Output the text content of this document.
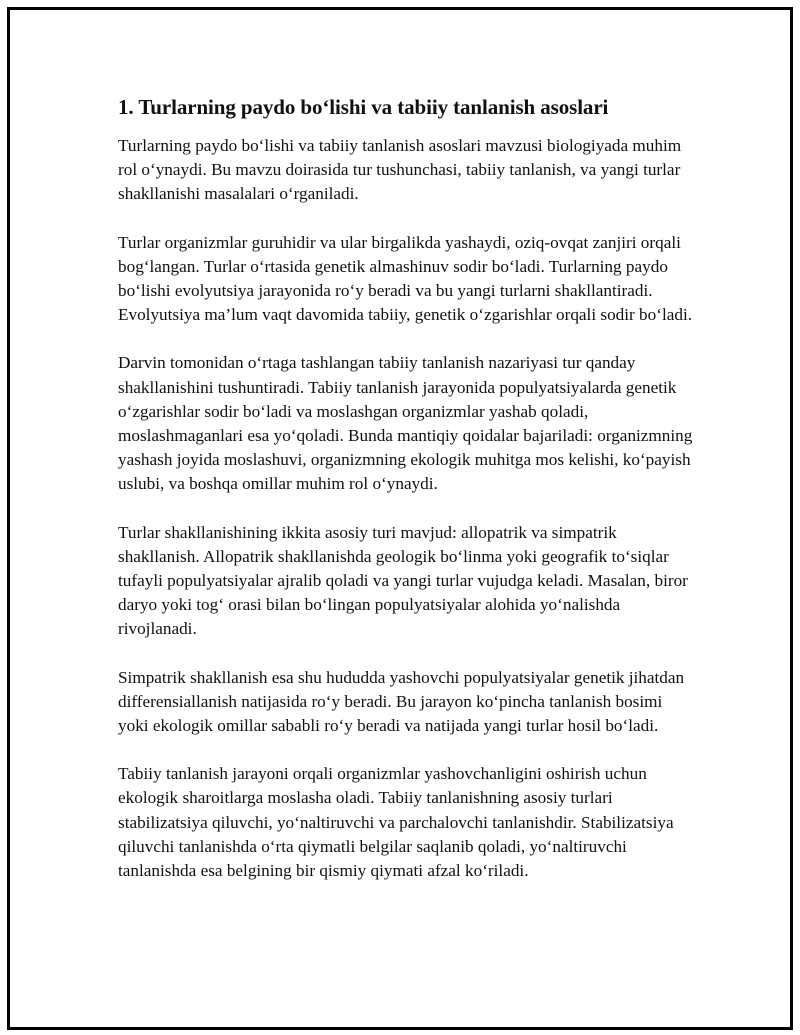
1. Turlarning paydo bo‘lishi va tabiiy tanlanish asoslari

Turlarning paydo bo‘lishi va tabiiy tanlanish asoslari mavzusi biologiyada muhim rol o‘ynaydi. Bu mavzu doirasida tur tushunchasi, tabiiy tanlanish, va yangi turlar shakllanishi masalalari o‘rganiladi.

Turlar organizmlar guruhidir va ular birgalikda yashaydi, oziq-ovqat zanjiri orqali bog‘langan. Turlar o‘rtasida genetik almashinuv sodir bo‘ladi. Turlarning paydo bo‘lishi evolyutsiya jarayonida ro‘y beradi va bu yangi turlarni shakllantiradi. Evolyutsiya ma’lum vaqt davomida tabiiy, genetik o‘zgarishlar orqali sodir bo‘ladi.

Darvin tomonidan o‘rtaga tashlangan tabiiy tanlanish nazariyasi tur qanday shakllanishini tushuntiradi. Tabiiy tanlanish jarayonida populyatsiyalarda genetik o‘zgarishlar sodir bo‘ladi va moslashgan organizmlar yashab qoladi, moslashmaganlari esa yo‘qoladi. Bunda mantiqiy qoidalar bajariladi: organizmning yashash joyida moslashuvi, organizmning ekologik muhitga mos kelishi, ko‘payish uslubi, va boshqa omillar muhim rol o‘ynaydi.

Turlar shakllanishining ikkita asosiy turi mavjud: allopatrik va simpatrik shakllanish. Allopatrik shakllanishda geologik bo‘linma yoki geografik to‘siqlar tufayli populyatsiyalar ajralib qoladi va yangi turlar vujudga keladi. Masalan, biror daryo yoki tog‘ orasi bilan bo‘lingan populyatsiyalar alohida yo‘nalishda rivojlanadi.

Simpatrik shakllanish esa shu hududda yashovchi populyatsiyalar genetik jihatdan differensiallanish natijasida ro‘y beradi. Bu jarayon ko‘pincha tanlanish bosimi yoki ekologik omillar sababli ro‘y beradi va natijada yangi turlar hosil bo‘ladi.

Tabiiy tanlanish jarayoni orqali organizmlar yashovchanligini oshirish uchun ekologik sharoitlarga moslasha oladi. Tabiiy tanlanishning asosiy turlari stabilizatsiya qiluvchi, yo‘naltiruvchi va parchalovchi tanlanishdir. Stabilizatsiya qiluvchi tanlanishda o‘rta qiymatli belgilar saqlanib qoladi, yo‘naltiruvchi tanlanishda esa belgining bir qismiy qiymati afzal ko‘riladi.
